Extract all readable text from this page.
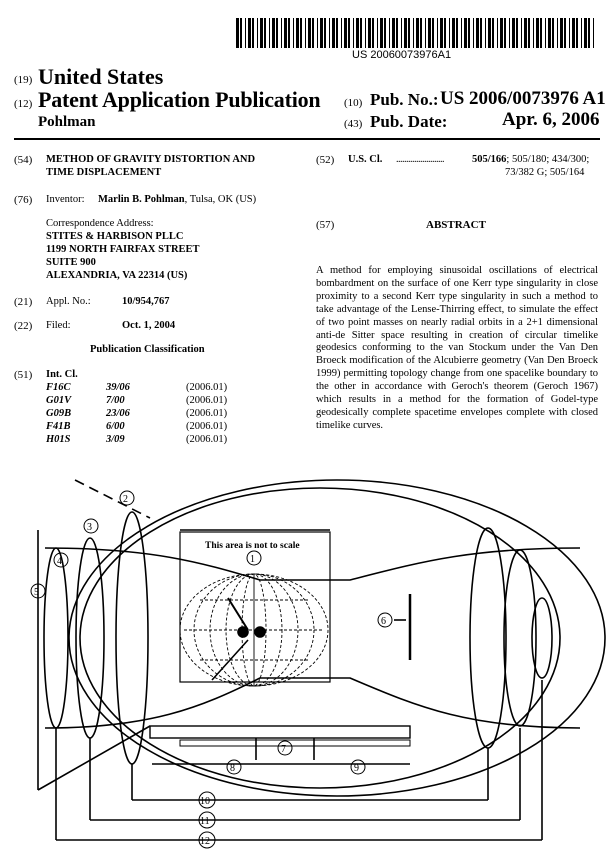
US 20060073976A1
(19) United States
(12) Patent Application Publication (10) Pub. No.: US 2006/0073976 A1
Pohlman	(43) Pub. Date:	Apr. 6, 2006
(54) METHOD OF GRAVITY DISTORTION AND
TIME DISPLACEMENT
(76) Inventor: Marlin B. Pohlman, Tulsa, OK (US)
Correspondence Address:
STITES & HARBISON PLLC
1199 NORTH FAIRFAX STREET
SUITE 900
ALEXANDRIA, VA 22314 (US)
(21) Appl. No.:	10/954,767
(22) Filed:	Oct. 1, 2004
Publication Classification
(51) Int. Cl.
F16C	39/06	(2006.01)
G01V	7/00	(2006.01)
G09B	23/06	(2006.01)
F41B	6/00	(2006.01)
H01S	3/09	(2006.01)
(52) U.S. Cl. ........................	505/166; 505/180; 434/300;
73/382 G; 505/164
(57)	ABSTRACT
A method for employing sinusoidal oscillations of electrical bombardment on the surface of one Kerr type singularity in close proximity to a second Kerr type singularity in such a method to take advantage of the Lense-Thirring effect, to simulate the effect of two point masses on nearly radial orbits in a 2+1 dimensional anti-de Sitter space resulting in creation of circular timelike geodesics conforming to the van Stockum under the Van Den Broeck modification of the Alcubierre geometry (Van Den Broeck 1999) permitting topology change from one spacelike boundary to the other in accordance with Geroch's theorem (Geroch 1967) which results in a method for the formation of Godel-type geodesically complete spacetime envelopes complete with closed timelike curves.
This area is not to scale
1
2
3
4
5
6
7
8	9
10
11
12
